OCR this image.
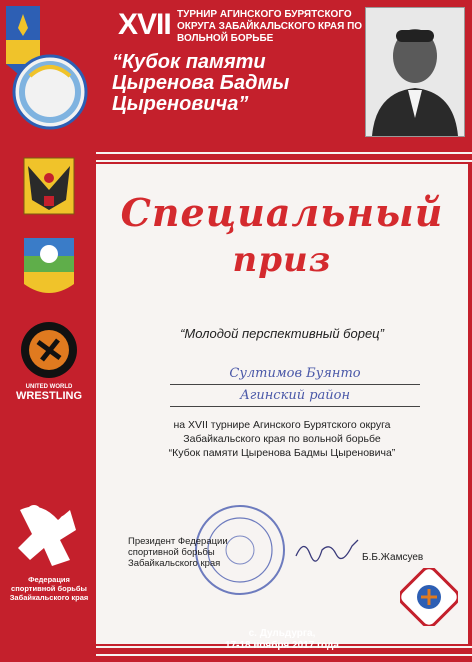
UNITED WORLD
WRESTLING
Федерация
спортивной борьбы
Забайкальского края
XVII ТУРНИР АГИНСКОГО БУРЯТСКОГО ОКРУГА ЗАБАЙКАЛЬСКОГО КРАЯ ПО ВОЛЬНОЙ БОРЬБЕ
“Кубок памяти Цыренова Бадмы Цыреновича”
Специальный
приз
“Молодой перспективный борец”
Султимов Буянто
Агинский район
на XVII турнире Агинского Бурятского округа
Забайкальского края по вольной борьбе
“Кубок памяти Цыренова Бадмы Цыреновича”
Президент Федерации
спортивной борьбы
Забайкальского края
Б.Б.Жамсуев
с. Дульдурга,
17-18 ноября 2017 года
